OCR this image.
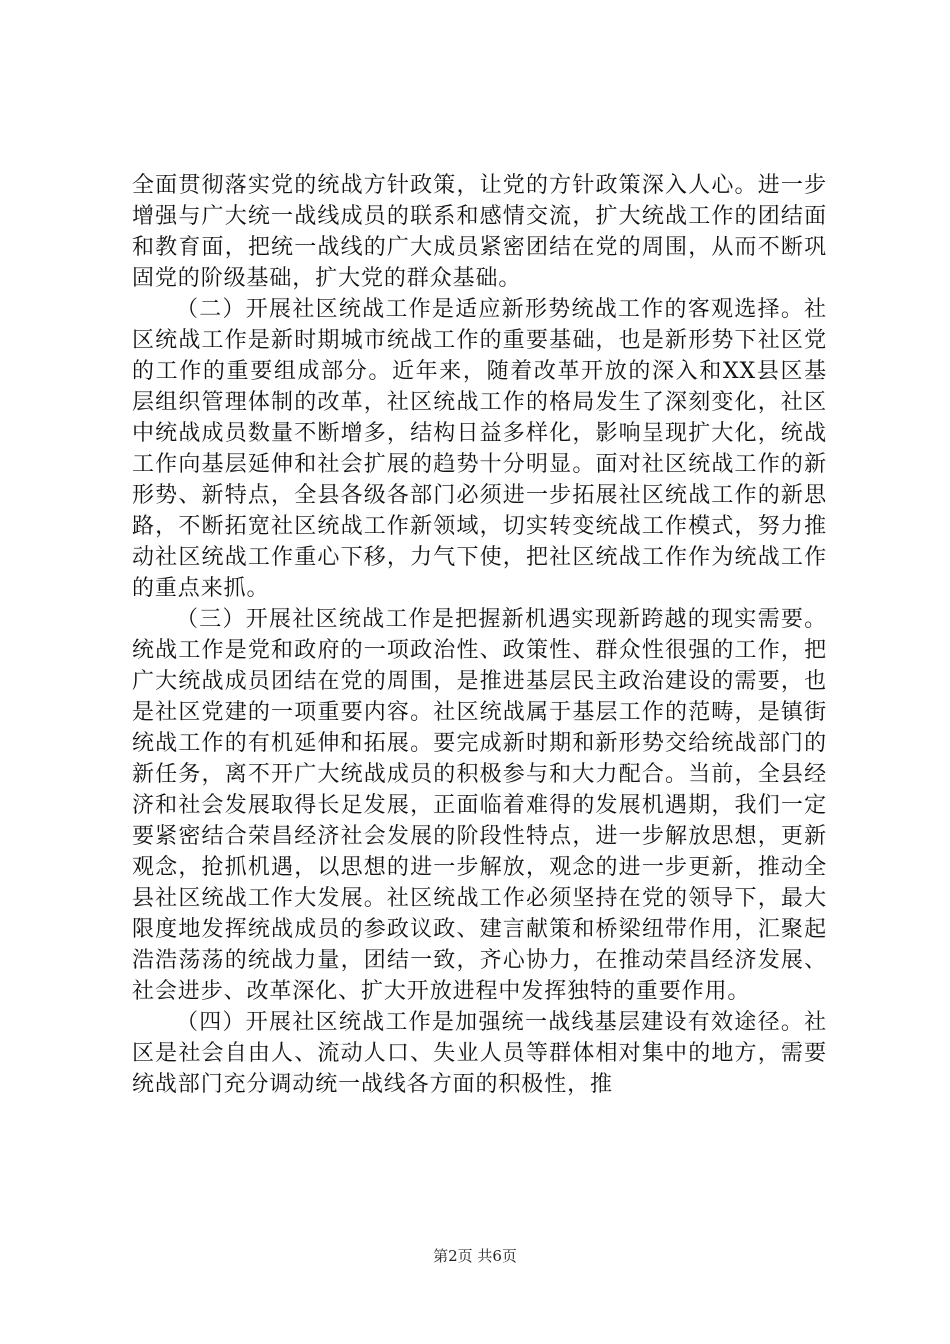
全面贯彻落实党的统战方针政策，让党的方针政策深入人心。进一步增强与广大统一战线成员的联系和感情交流，扩大统战工作的团结面和教育面，把统一战线的广大成员紧密团结在党的周围，从而不断巩固党的阶级基础，扩大党的群众基础。

（二）开展社区统战工作是适应新形势统战工作的客观选择。社区统战工作是新时期城市统战工作的重要基础，也是新形势下社区党的工作的重要组成部分。近年来，随着改革开放的深入和XX县区基层组织管理体制的改革，社区统战工作的格局发生了深刻变化，社区中统战成员数量不断增多，结构日益多样化，影响呈现扩大化，统战工作向基层延伸和社会扩展的趋势十分明显。面对社区统战工作的新形势、新特点，全县各级各部门必须进一步拓展社区统战工作的新思路，不断拓宽社区统战工作新领域，切实转变统战工作模式，努力推动社区统战工作重心下移，力气下使，把社区统战工作作为统战工作的重点来抓。

（三）开展社区统战工作是把握新机遇实现新跨越的现实需要。统战工作是党和政府的一项政治性、政策性、群众性很强的工作，把广大统战成员团结在党的周围，是推进基层民主政治建设的需要，也是社区党建的一项重要内容。社区统战属于基层工作的范畴，是镇街统战工作的有机延伸和拓展。要完成新时期和新形势交给统战部门的新任务，离不开广大统战成员的积极参与和大力配合。当前，全县经济和社会发展取得长足发展，正面临着难得的发展机遇期，我们一定要紧密结合荣昌经济社会发展的阶段性特点，进一步解放思想，更新观念，抢抓机遇，以思想的进一步解放，观念的进一步更新，推动全县社区统战工作大发展。社区统战工作必须坚持在党的领导下，最大限度地发挥统战成员的参政议政、建言献策和桥梁纽带作用，汇聚起浩浩荡荡的统战力量，团结一致，齐心协力，在推动荣昌经济发展、社会进步、改革深化、扩大开放进程中发挥独特的重要作用。

（四）开展社区统战工作是加强统一战线基层建设有效途径。社区是社会自由人、流动人口、失业人员等群体相对集中的地方，需要统战部门充分调动统一战线各方面的积极性，推

第2页 共6页
